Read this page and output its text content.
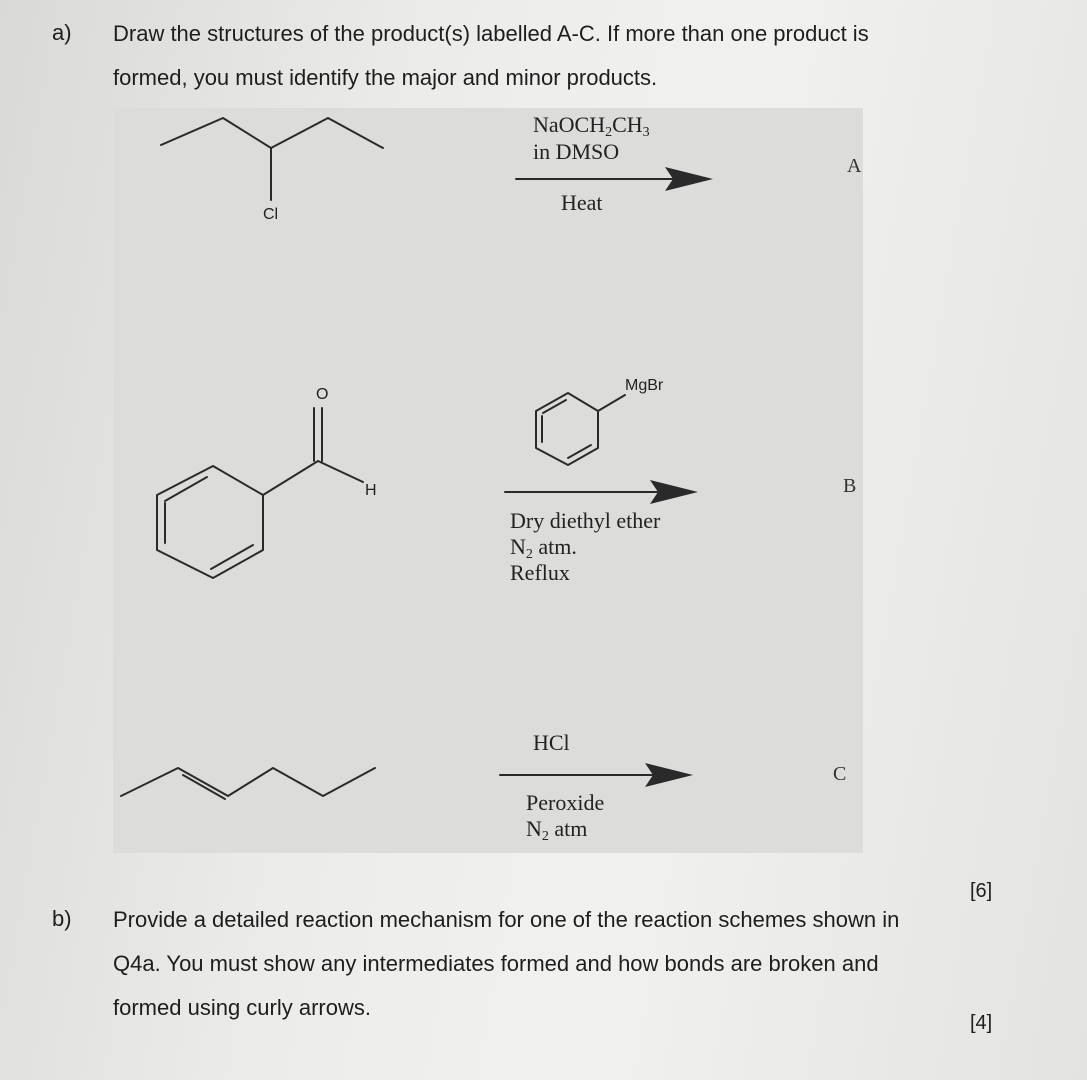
a) Draw the structures of the product(s) labelled A-C. If more than one product is
formed, you must identify the major and minor products.
$NaOCH_2CH_3$
in DMSO
Heat
Cl
A
O
H
MgBr
Dry diethyl ether
$N_2$ atm.
Reflux
B
HCl
Peroxide
$N_2$ atm
C
[6]
b) Provide a detailed reaction mechanism for one of the reaction schemes shown in
Q4a. You must show any intermediates formed and how bonds are broken and
formed using curly arrows.
[4]
